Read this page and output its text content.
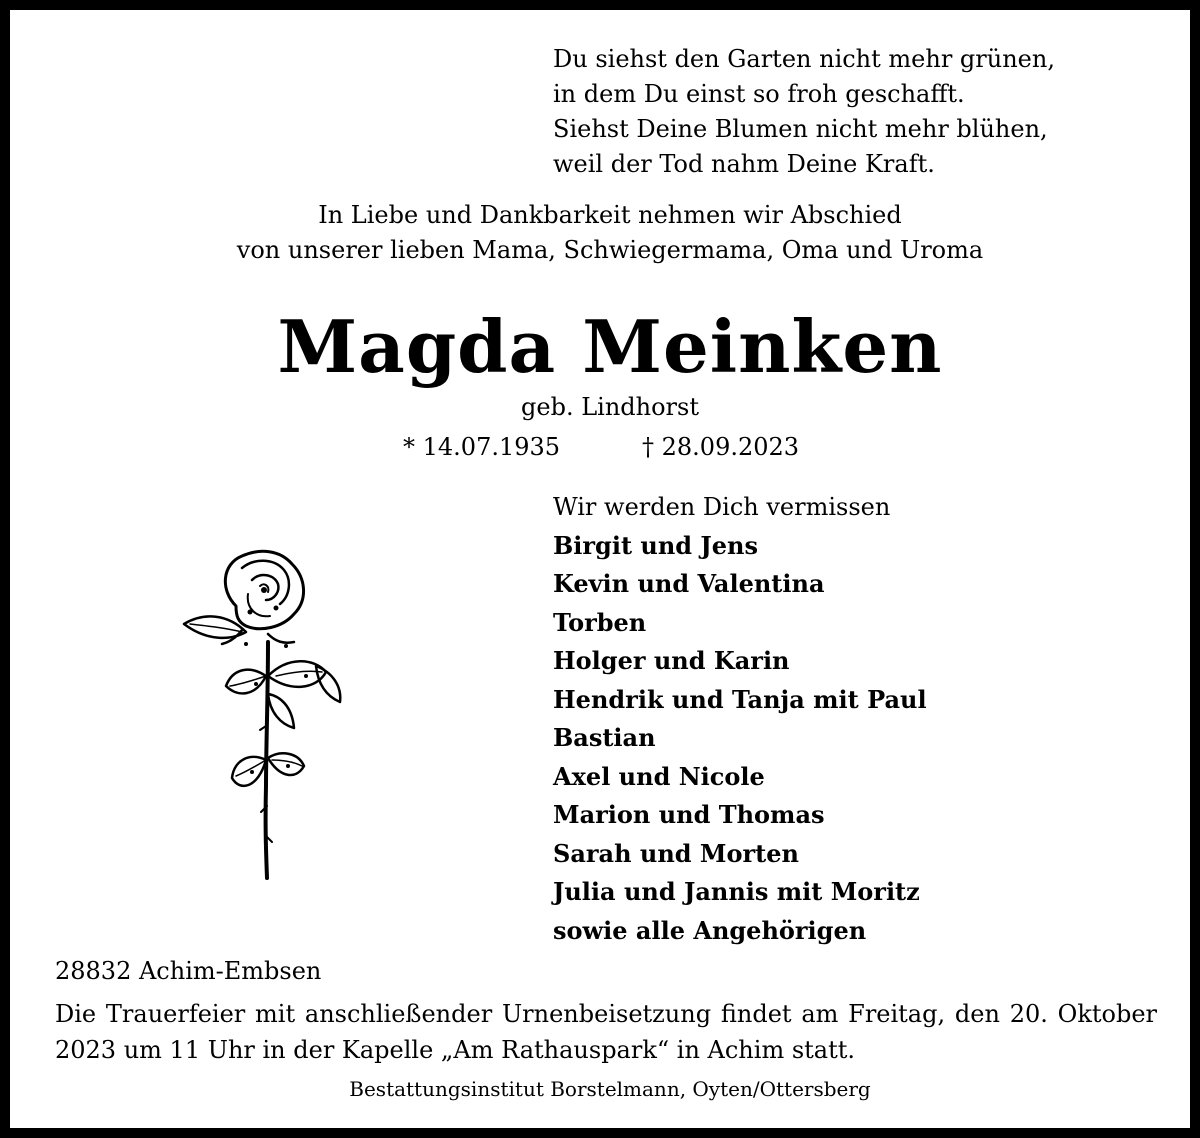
Du siehst den Garten nicht mehr grünen,
in dem Du einst so froh geschafft.
Siehst Deine Blumen nicht mehr blühen,
weil der Tod nahm Deine Kraft.
In Liebe und Dankbarkeit nehmen wir Abschied
von unserer lieben Mama, Schwiegermama, Oma und Uroma
Magda Meinken
geb. Lindhorst
* 14.07.1935	† 28.09.2023
Wir werden Dich vermissen
Birgit und Jens
Kevin und Valentina
Torben
Holger und Karin
Hendrik und Tanja mit Paul
Bastian
Axel und Nicole
Marion und Thomas
Sarah und Morten
Julia und Jannis mit Moritz
sowie alle Angehörigen
28832 Achim-Embsen
Die Trauerfeier mit anschließender Urnenbeisetzung findet am Freitag, den 20. Oktober 2023 um 11 Uhr in der Kapelle „Am Rathauspark“ in Achim statt.
Bestattungsinstitut Borstelmann, Oyten/Ottersberg
